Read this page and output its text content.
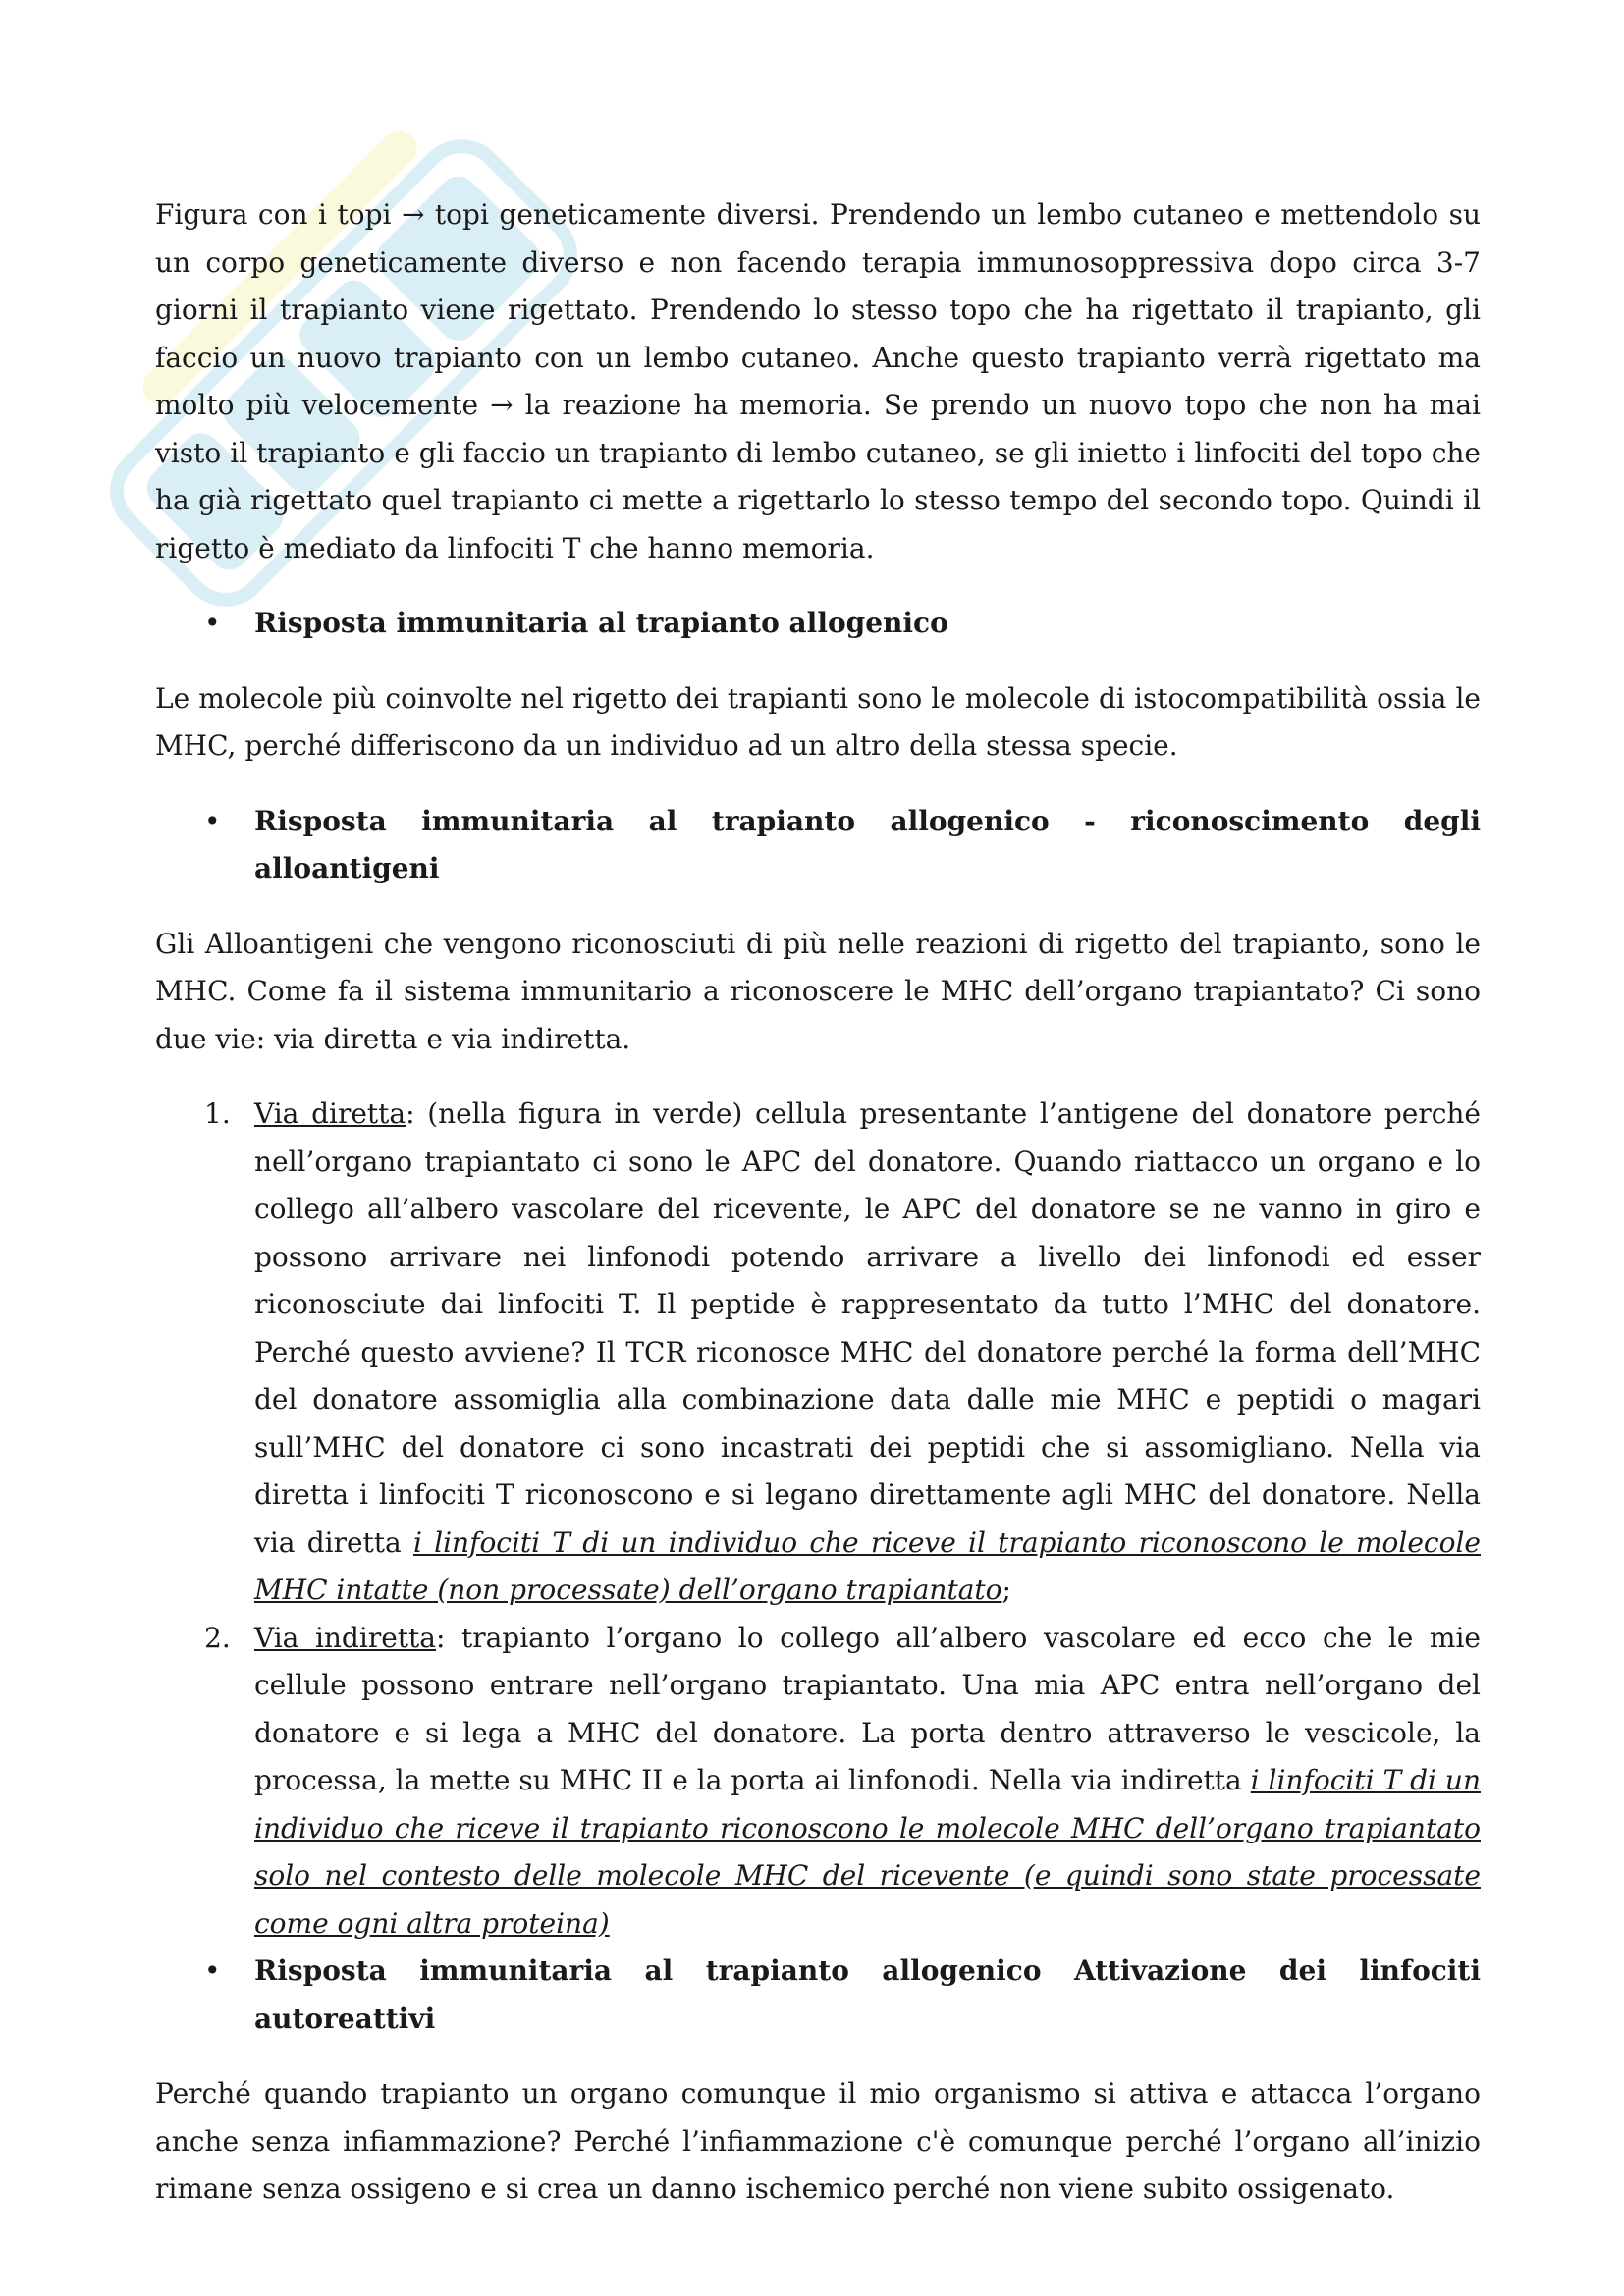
Figura con i topi → topi geneticamente diversi. Prendendo un lembo cutaneo e mettendolo su un corpo geneticamente diverso e non facendo terapia immunosoppressiva dopo circa 3-7 giorni il trapianto viene rigettato. Prendendo lo stesso topo che ha rigettato il trapianto, gli faccio un nuovo trapianto con un lembo cutaneo. Anche questo trapianto verrà rigettato ma molto più velocemente → la reazione ha memoria. Se prendo un nuovo topo che non ha mai visto il trapianto e gli faccio un trapianto di lembo cutaneo, se gli inietto i linfociti del topo che ha già rigettato quel trapianto ci mette a rigettarlo lo stesso tempo del secondo topo. Quindi il rigetto è mediato da linfociti T che hanno memoria.

• Risposta immunitaria al trapianto allogenico

Le molecole più coinvolte nel rigetto dei trapianti sono le molecole di istocompatibilità ossia le MHC, perché differiscono da un individuo ad un altro della stessa specie.

• Risposta immunitaria al trapianto allogenico - riconoscimento degli alloantigeni

Gli Alloantigeni che vengono riconosciuti di più nelle reazioni di rigetto del trapianto, sono le MHC. Come fa il sistema immunitario a riconoscere le MHC dell’organo trapiantato? Ci sono due vie: via diretta e via indiretta.

1. Via diretta: (nella figura in verde) cellula presentante l’antigene del donatore perché nell’organo trapiantato ci sono le APC del donatore. Quando riattacco un organo e lo collego all’albero vascolare del ricevente, le APC del donatore se ne vanno in giro e possono arrivare nei linfonodi potendo arrivare a livello dei linfonodi ed esser riconosciute dai linfociti T. Il peptide è rappresentato da tutto l’MHC del donatore. Perché questo avviene? Il TCR riconosce MHC del donatore perché la forma dell’MHC del donatore assomiglia alla combinazione data dalle mie MHC e peptidi o magari sull’MHC del donatore ci sono incastrati dei peptidi che si assomigliano. Nella via diretta i linfociti T riconoscono e si legano direttamente agli MHC del donatore. Nella via diretta i linfociti T di un individuo che riceve il trapianto riconoscono le molecole MHC intatte (non processate) dell’organo trapiantato;
2. Via indiretta: trapianto l’organo lo collego all’albero vascolare ed ecco che le mie cellule possono entrare nell’organo trapiantato. Una mia APC entra nell’organo del donatore e si lega a MHC del donatore. La porta dentro attraverso le vescicole, la processa, la mette su MHC II e la porta ai linfonodi. Nella via indiretta i linfociti T di un individuo che riceve il trapianto riconoscono le molecole MHC dell’organo trapiantato solo nel contesto delle molecole MHC del ricevente (e quindi sono state processate come ogni altra proteina)

• Risposta immunitaria al trapianto allogenico Attivazione dei linfociti autoreattivi

Perché quando trapianto un organo comunque il mio organismo si attiva e attacca l’organo anche senza infiammazione? Perché l’infiammazione c'è comunque perché l’organo all’inizio rimane senza ossigeno e si crea un danno ischemico perché non viene subito ossigenato.
